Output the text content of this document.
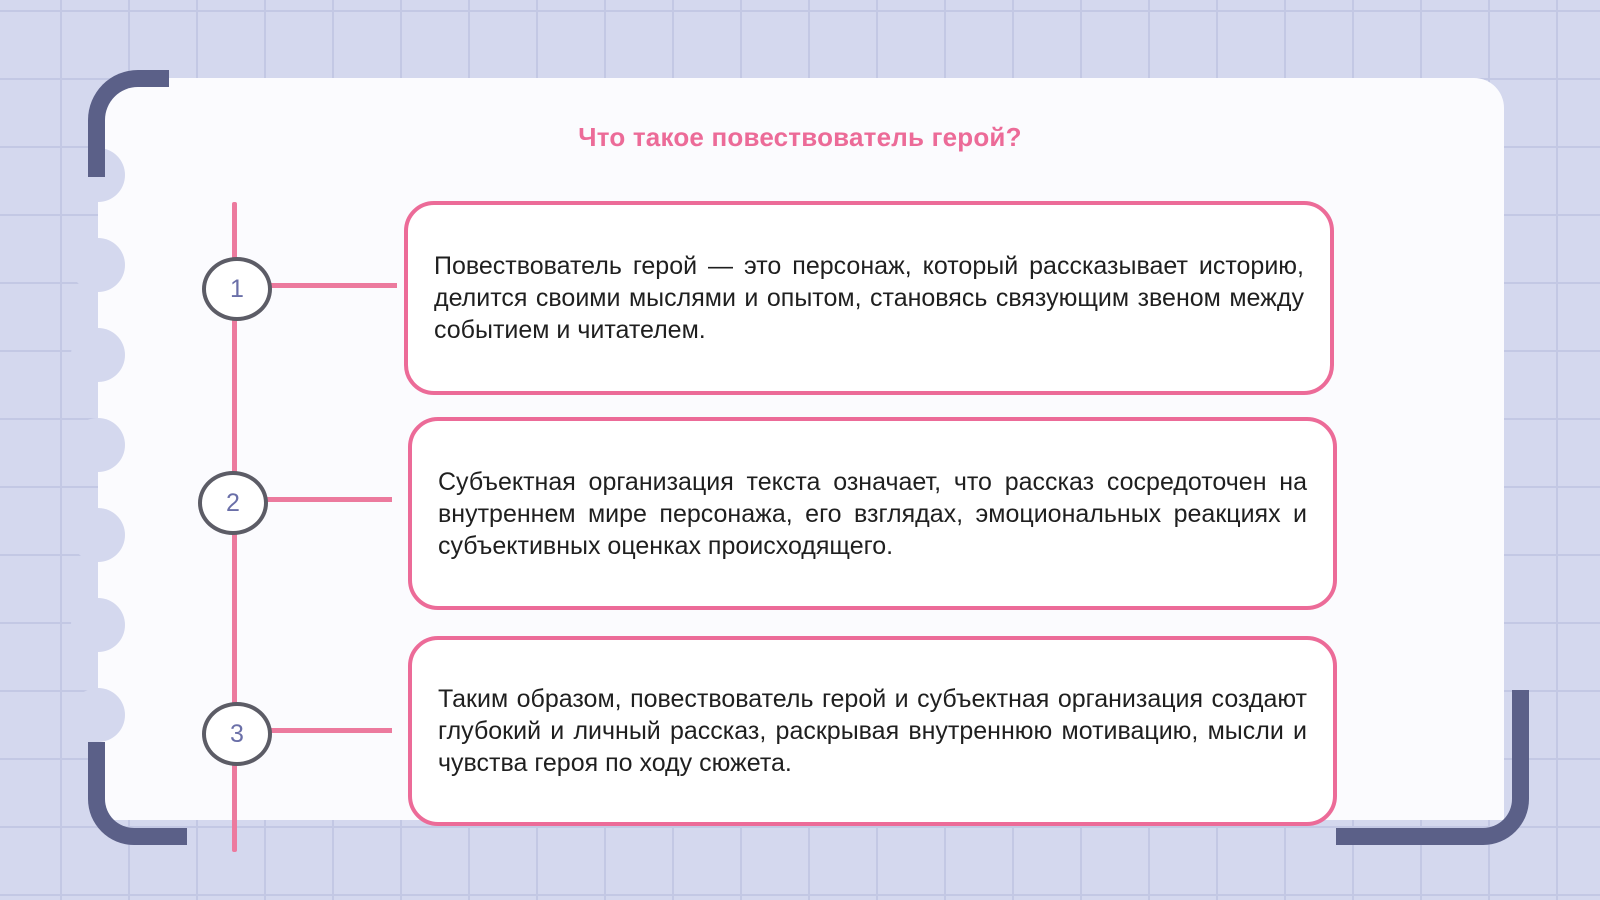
Что такое повествователь герой?
1

Повествователь герой — это персонаж, который рассказывает историю, делится своими мыслями и опытом, становясь связующим звеном между событием и читателем.

2

Субъектная организация текста означает, что рассказ сосредоточен на внутреннем мире персонажа, его взглядах, эмоциональных реакциях и субъективных оценках происходящего.

3

Таким образом, повествователь герой и субъектная организация создают глубокий и личный рассказ, раскрывая внутреннюю мотивацию, мысли и чувства героя по ходу сюжета.
